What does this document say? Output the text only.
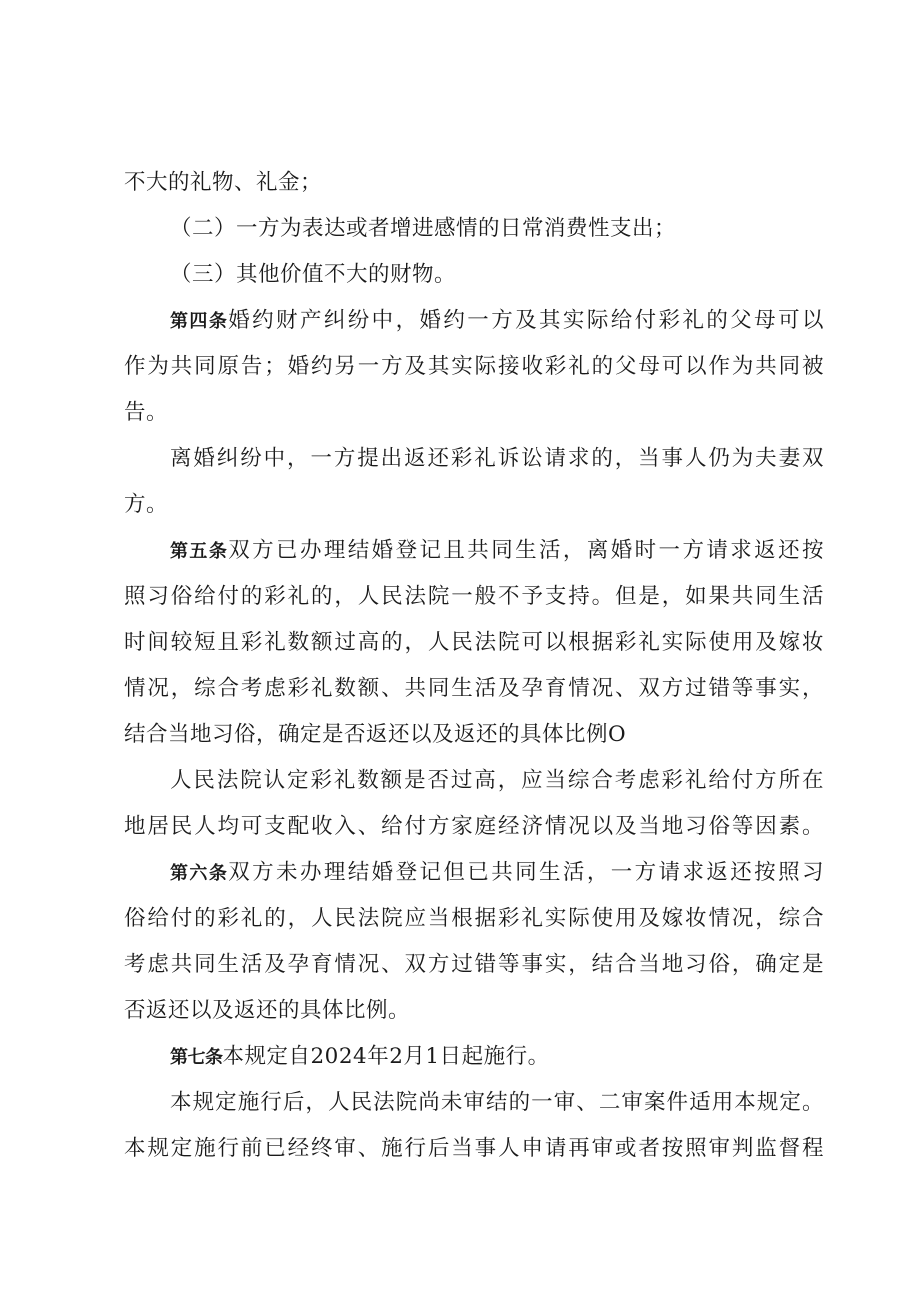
不大的礼物、礼金；
（二）一方为表达或者增进感情的日常消费性支出；
（三）其他价值不大的财物。
第四条婚约财产纠纷中，婚约一方及其实际给付彩礼的父母可以
作为共同原告；婚约另一方及其实际接收彩礼的父母可以作为共同被
告。
离婚纠纷中，一方提出返还彩礼诉讼请求的，当事人仍为夫妻双
方。
第五条双方已办理结婚登记且共同生活，离婚时一方请求返还按
照习俗给付的彩礼的，人民法院一般不予支持。但是，如果共同生活
时间较短且彩礼数额过高的，人民法院可以根据彩礼实际使用及嫁妆
情况，综合考虑彩礼数额、共同生活及孕育情况、双方过错等事实，
结合当地习俗，确定是否返还以及返还的具体比例O
人民法院认定彩礼数额是否过高，应当综合考虑彩礼给付方所在
地居民人均可支配收入、给付方家庭经济情况以及当地习俗等因素。
第六条双方未办理结婚登记但已共同生活，一方请求返还按照习
俗给付的彩礼的，人民法院应当根据彩礼实际使用及嫁妆情况，综合
考虑共同生活及孕育情况、双方过错等事实，结合当地习俗，确定是
否返还以及返还的具体比例。
第七条本规定自2024年2月1日起施行。
本规定施行后，人民法院尚未审结的一审、二审案件适用本规定。
本规定施行前已经终审、施行后当事人申请再审或者按照审判监督程
